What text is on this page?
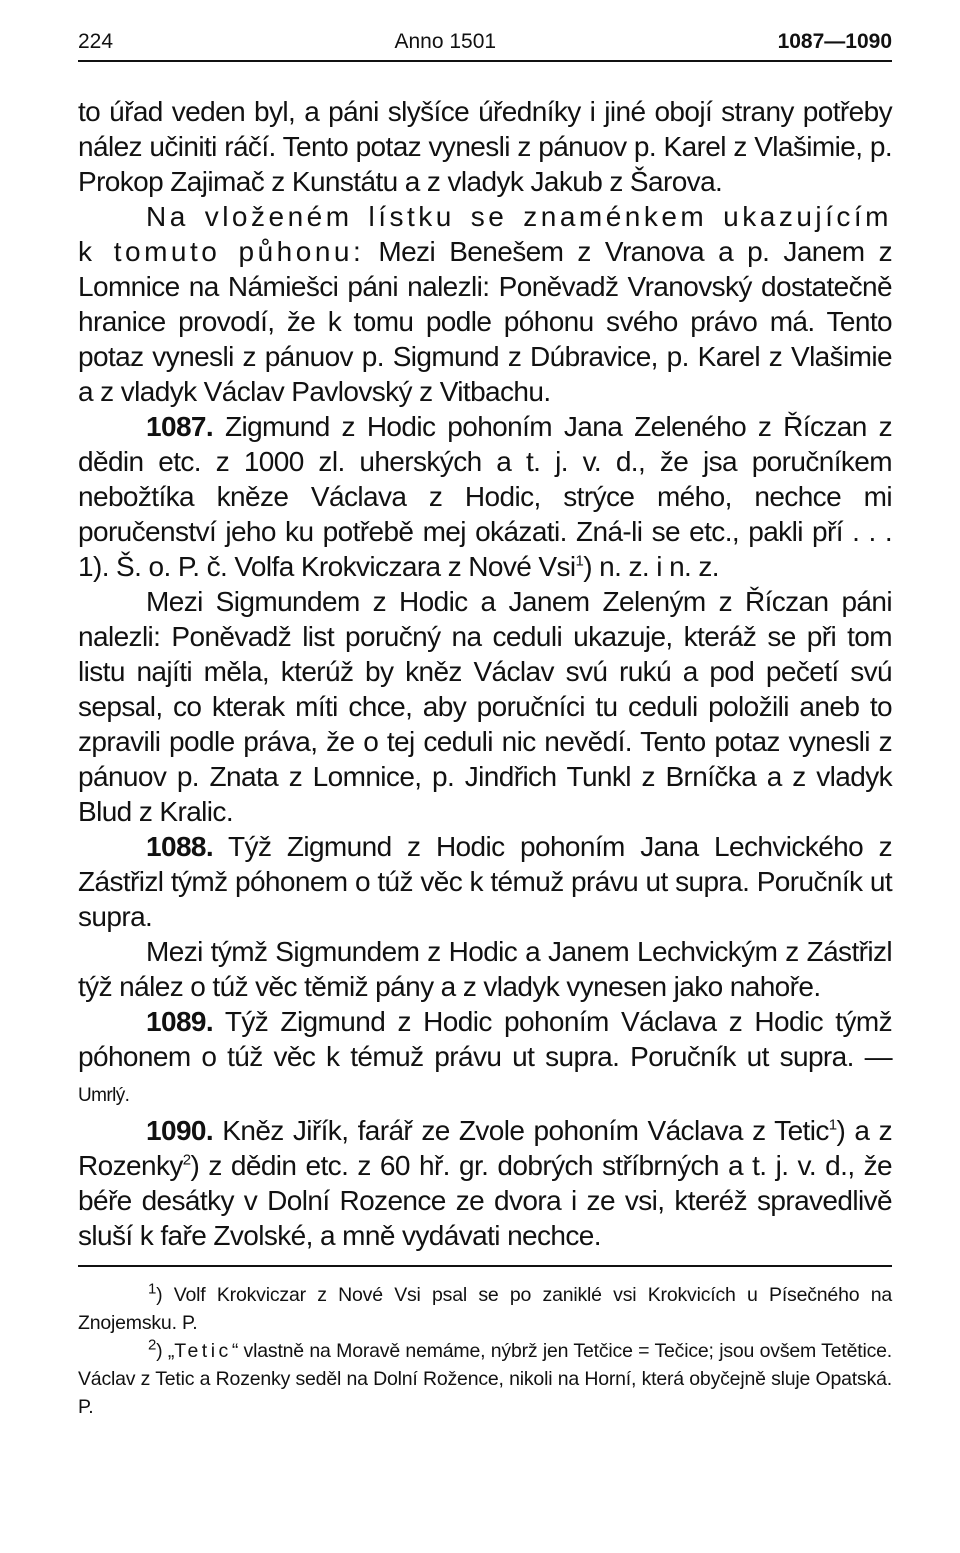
224	Anno 1501	1087—1090

to úřad veden byl, a páni slyšíce úředníky i jiné obojí strany potřeby nález učiniti ráčí. Tento potaz vynesli z pánuov p. Karel z Vlašimie, p. Prokop Zajimač z Kunstátu a z vladyk Jakub z Šarova.

Na vloženém lístku se znaménkem ukazujícím k tomuto půhonu: Mezi Benešem z Vranova a p. Janem z Lomnice na Námiešci páni nalezli: Poněvadž Vranovský dostatečně hranice provodí, že k tomu podle póhonu svého právo má. Tento potaz vynesli z pánuov p. Sigmund z Dúbravice, p. Karel z Vlašimie a z vladyk Václav Pavlovský z Vitbachu.

1087. Zigmund z Hodic pohoním Jana Zeleného z Říczan z dědin etc. z 1000 zl. uherských a t. j. v. d., že jsa poručníkem nebožtíka kněze Václava z Hodic, strýce mého, nechce mi poručenství jeho ku potřebě mej okázati. Zná-li se etc., pakli pří . . . 1). Š. o. P. č. Volfa Krokviczara z Nové Vsi$^1$) n. z. i n. z.

Mezi Sigmundem z Hodic a Janem Zeleným z Říczan páni nalezli: Poněvadž list poručný na ceduli ukazuje, kteráž se při tom listu najíti měla, kterúž by kněz Václav svú rukú a pod pečetí svú sepsal, co kterak míti chce, aby poručníci tu ceduli položili aneb to zpravili podle práva, že o tej ceduli nic nevědí. Tento potaz vynesli z pánuov p. Znata z Lomnice, p. Jindřich Tunkl z Brníčka a z vladyk Blud z Kralic.

1088. Týž Zigmund z Hodic pohoním Jana Lechvického z Zástřizl týmž póhonem o túž věc k témuž právu ut supra. Poručník ut supra.

Mezi týmž Sigmundem z Hodic a Janem Lechvickým z Zástřizl týž nález o túž věc těmiž pány a z vladyk vynesen jako nahoře.

1089. Týž Zigmund z Hodic pohoním Václava z Hodic týmž póhonem o túž věc k témuž právu ut supra. Poručník ut supra. — Umrlý.

1090. Kněz Jiřík, farář ze Zvole pohoním Václava z Tetic$^1$) a z Rozenky$^2$) z dědin etc. z 60 hř. gr. dobrých stříbrných a t. j. v. d., že béře desátky v Dolní Rozence ze dvora i ze vsi, kteréž spravedlivě sluší k faře Zvolské, a mně vydávati nechce.

$^1$) Volf Krokviczar z Nové Vsi psal se po zaniklé vsi Krokvicích u Písečného na Znojemsku. P.

$^2$) „Tetic“ vlastně na Moravě nemáme, nýbrž jen Tetčice = Tečice; jsou ovšem Tetětice. Václav z Tetic a Rozenky seděl na Dolní Rožence, nikoli na Horní, která obyčejně sluje Opatská. P.
